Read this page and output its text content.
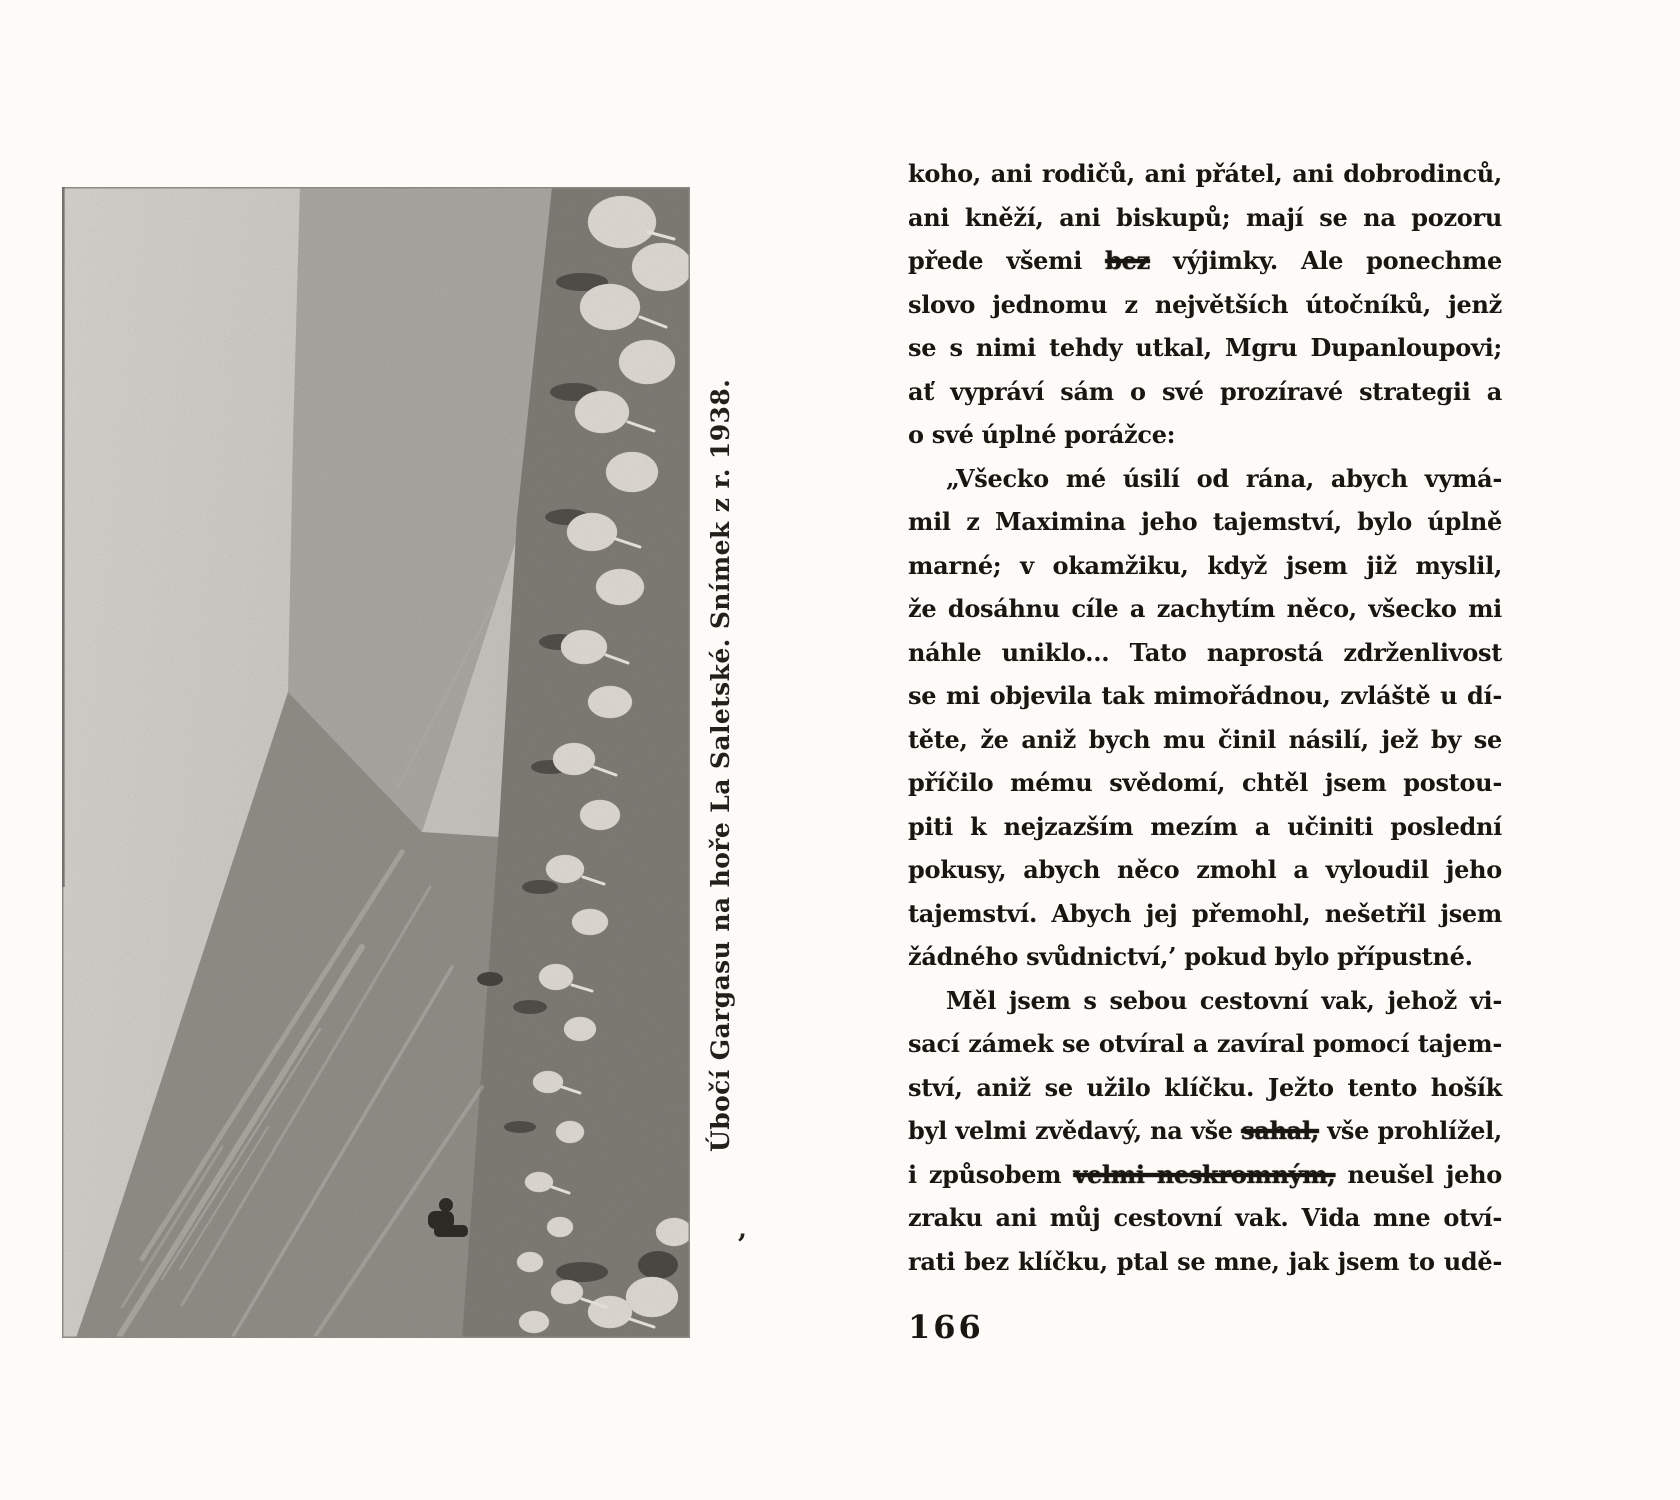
Úbočí Gargasu na hoře La Saletské. Snímek z r. 1938.
’
koho, ani rodičů, ani přátel, ani dobrodinců,
ani kněží, ani biskupů; mají se na pozoru
přede všemi bez výjimky. Ale ponechme
slovo jednomu z největších útočníků, jenž
se s nimi tehdy utkal, Mgru Dupanloupovi;
ať vypráví sám o své prozíravé strategii a
o své úplné porážce:
„Všecko mé úsilí od rána, abych vymá-
mil z Maximina jeho tajemství, bylo úplně
marné; v okamžiku, když jsem již myslil,
že dosáhnu cíle a zachytím něco, všecko mi
náhle uniklo... Tato naprostá zdrženlivost
se mi objevila tak mimořádnou, zvláště u dí-
těte, že aniž bych mu činil násilí, jež by se
příčilo mému svědomí, chtěl jsem postou-
piti k nejzazším mezím a učiniti poslední
pokusy, abych něco zmohl a vyloudil jeho
tajemství. Abych jej přemohl, nešetřil jsem
žádného svůdnictví,’ pokud bylo přípustné.
Měl jsem s sebou cestovní vak, jehož vi-
sací zámek se otvíral a zavíral pomocí tajem-
ství, aniž se užilo klíčku. Ježto tento hošík
byl velmi zvědavý, na vše sahal, vše prohlížel,
i způsobem velmi neskromným, neušel jeho
zraku ani můj cestovní vak. Vida mne otví-
rati bez klíčku, ptal se mne, jak jsem to udě-
166
